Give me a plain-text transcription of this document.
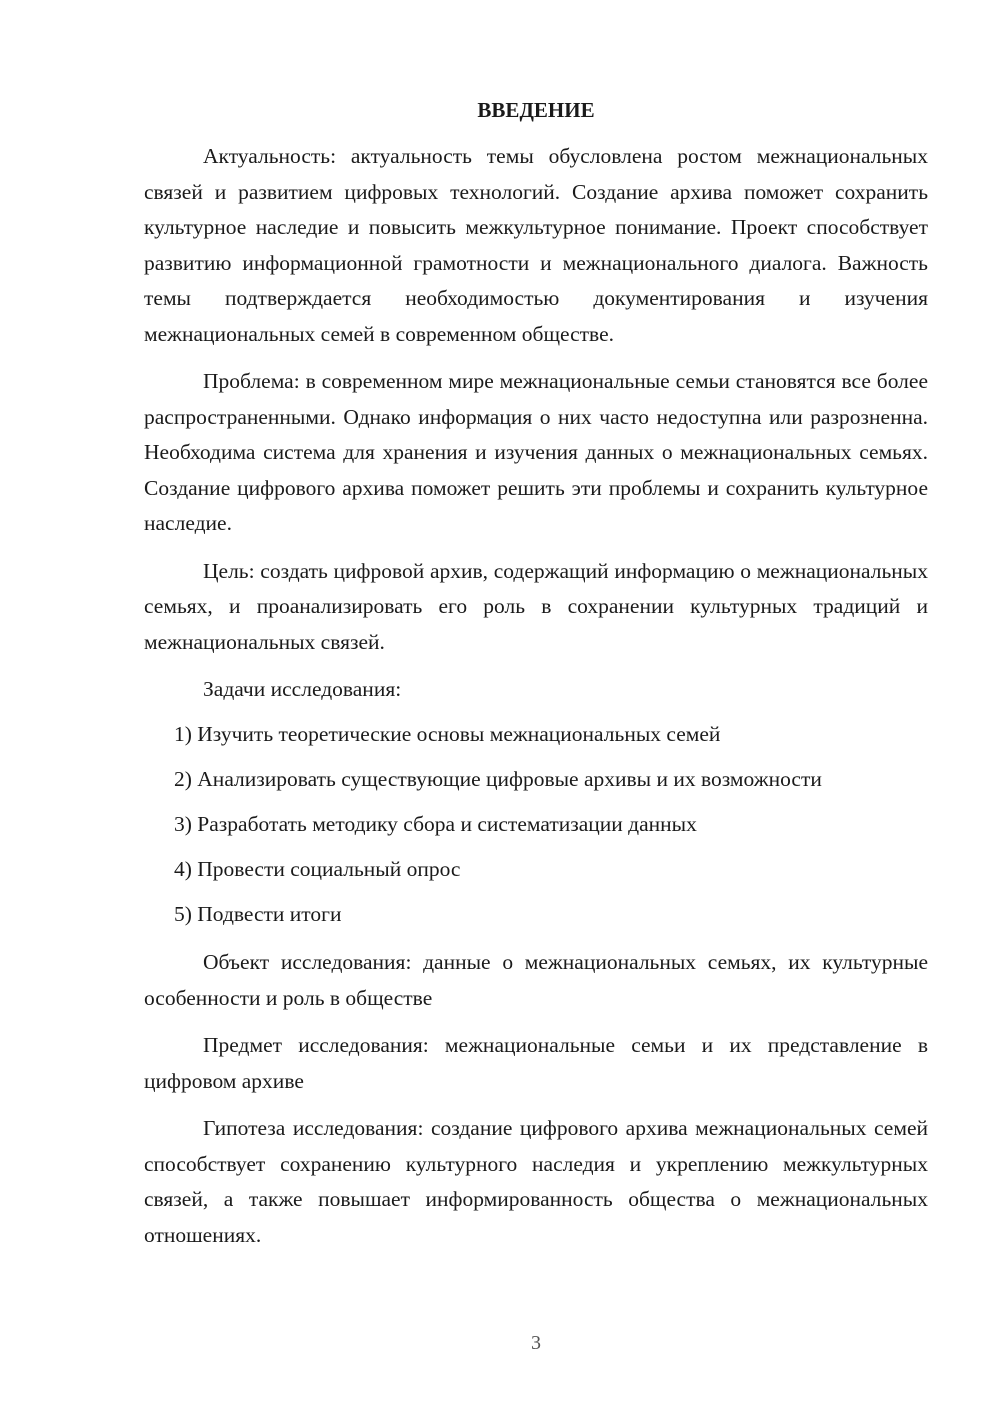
ВВЕДЕНИЕ

Актуальность: актуальность темы обусловлена ростом межнациональных связей и развитием цифровых технологий. Создание архива поможет сохранить культурное наследие и повысить межкультурное понимание. Проект способствует развитию информационной грамотности и межнационального диалога. Важность темы подтверждается необходимостью документирования и изучения межнациональных семей в современном обществе.

Проблема: в современном мире межнациональные семьи становятся все более распространенными. Однако информация о них часто недоступна или разрозненна. Необходима система для хранения и изучения данных о межнациональных семьях. Создание цифрового архива поможет решить эти проблемы и сохранить культурное наследие.

Цель: создать цифровой архив, содержащий информацию о межнациональных семьях, и проанализировать его роль в сохранении культурных традиций и межнациональных связей.

Задачи исследования:

1) Изучить теоретические основы межнациональных семей
2) Анализировать существующие цифровые архивы и их возможности
3) Разработать методику сбора и систематизации данных
4) Провести социальный опрос
5) Подвести итоги

Объект исследования: данные о межнациональных семьях, их культурные особенности и роль в обществе

Предмет исследования: межнациональные семьи и их представление в цифровом архиве

Гипотеза исследования: создание цифрового архива межнациональных семей способствует сохранению культурного наследия и укреплению межкультурных связей, а также повышает информированность общества о межнациональных отношениях.

3
